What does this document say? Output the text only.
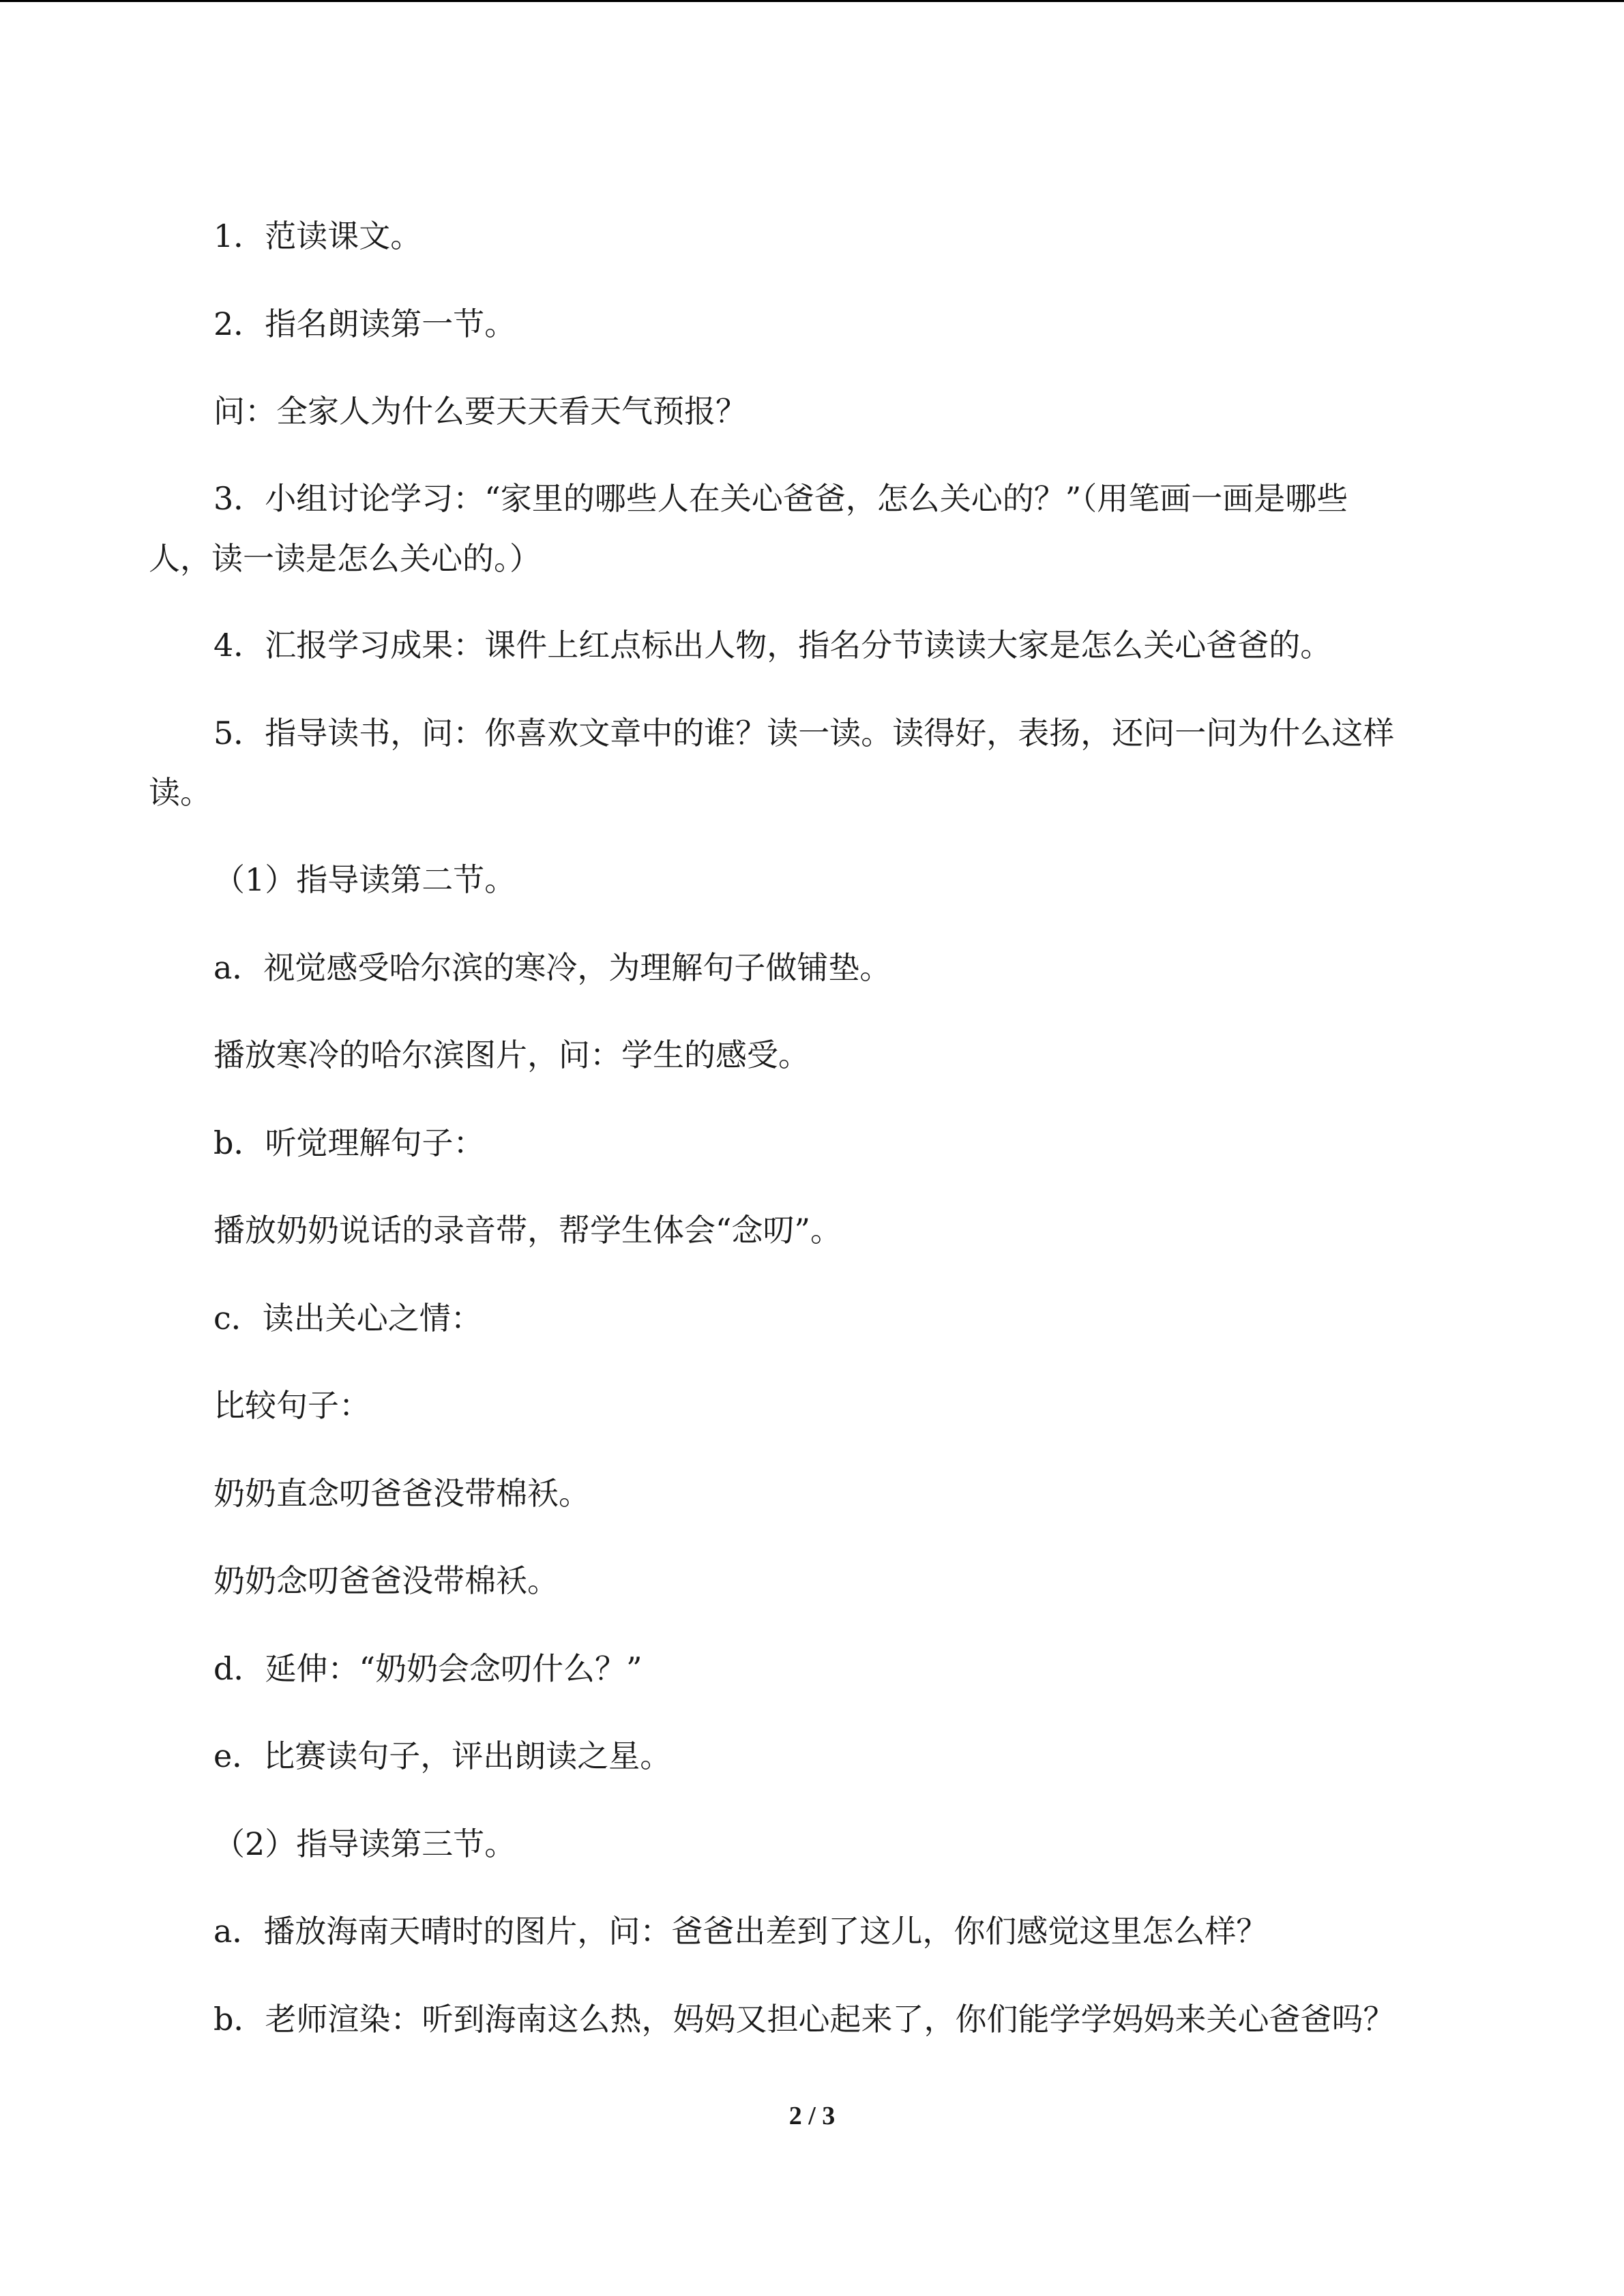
1．范读课文。

2．指名朗读第一节。

问：全家人为什么要天天看天气预报？

3．小组讨论学习：“家里的哪些人在关心爸爸，怎么关心的？”（用笔画一画是哪些

人，读一读是怎么关心的。）

4．汇报学习成果：课件上红点标出人物，指名分节读读大家是怎么关心爸爸的。

5．指导读书，问：你喜欢文章中的谁？读一读。读得好，表扬，还问一问为什么这样

读。

（1）指导读第二节。

a．视觉感受哈尔滨的寒冷，为理解句子做铺垫。

播放寒冷的哈尔滨图片，问：学生的感受。

b．听觉理解句子：

播放奶奶说话的录音带，帮学生体会“念叨”。

c．读出关心之情：

比较句子：

奶奶直念叨爸爸没带棉袄。

奶奶念叨爸爸没带棉袄。

d．延伸：“奶奶会念叨什么？”

e．比赛读句子，评出朗读之星。

（2）指导读第三节。

a．播放海南天晴时的图片，问：爸爸出差到了这儿，你们感觉这里怎么样？

b．老师渲染：听到海南这么热，妈妈又担心起来了，你们能学学妈妈来关心爸爸吗？

2 / 3
